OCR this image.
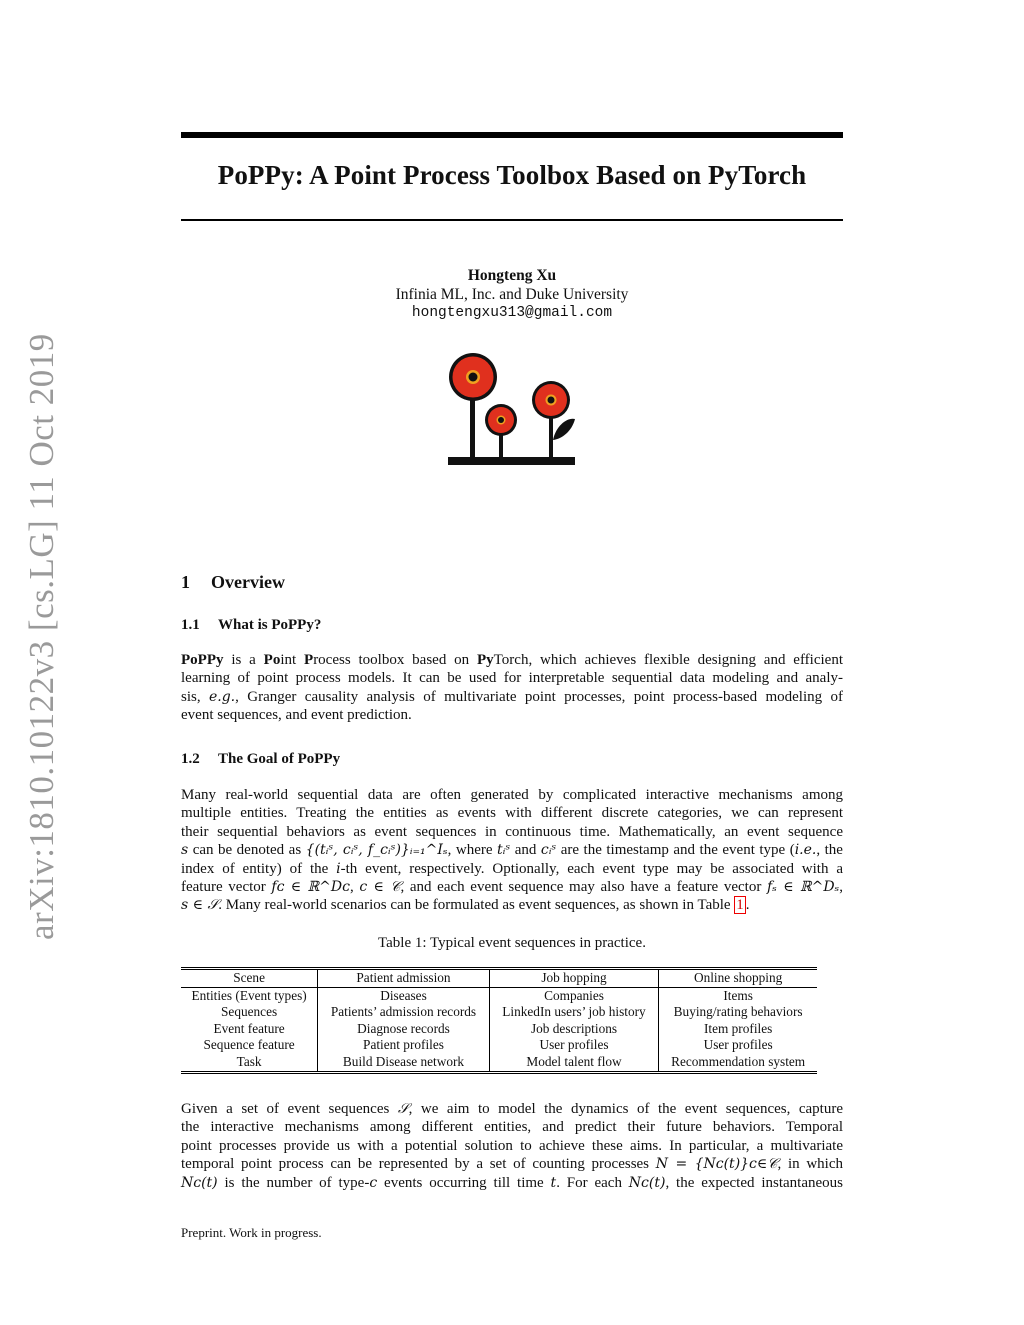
arXiv:1810.10122v3 [cs.LG] 11 Oct 2019
PoPPy: A Point Process Toolbox Based on PyTorch
Hongteng Xu
Infinia ML, Inc. and Duke University
hongtengxu313@gmail.com
1 Overview
1.1 What is PoPPy?
PoPPy is a Point Process toolbox based on PyTorch, which achieves flexible designing and efficient
learning of point process models. It can be used for interpretable sequential data modeling and analy-
sis, e.g., Granger causality analysis of multivariate point processes, point process-based modeling of
event sequences, and event prediction.
1.2 The Goal of PoPPy
Many real-world sequential data are often generated by complicated interactive mechanisms among
multiple entities. Treating the entities as events with different discrete categories, we can represent
their sequential behaviors as event sequences in continuous time. Mathematically, an event sequence
s can be denoted as {(tᵢˢ, cᵢˢ, f_cᵢˢ)}ᵢ₌₁^Iₛ, where tᵢˢ and cᵢˢ are the timestamp and the event type (i.e., the
index of entity) of the i-th event, respectively. Optionally, each event type may be associated with a
feature vector fᴄ ∈ ℝ^Dᴄ, c ∈ 𝒞, and each event sequence may also have a feature vector fₛ ∈ ℝ^Dₛ,
s ∈ 𝒮. Many real-world scenarios can be formulated as event sequences, as shown in Table 1 .
Table 1: Typical event sequences in practice.
Scene	Patient admission	Job hopping	Online shopping
Entities (Event types)	Diseases	Companies	Items
Sequences	Patients’ admission records	LinkedIn users’ job history	Buying/rating behaviors
Event feature	Diagnose records	Job descriptions	Item profiles
Sequence feature	Patient profiles	User profiles	User profiles
Task	Build Disease network	Model talent flow	Recommendation system
Given a set of event sequences 𝒮, we aim to model the dynamics of the event sequences, capture
the interactive mechanisms among different entities, and predict their future behaviors. Temporal
point processes provide us with a potential solution to achieve these aims. In particular, a multivariate
temporal point process can be represented by a set of counting processes N = {Nᴄ(t)}ᴄ∈𝒞, in which
Nᴄ(t) is the number of type-c events occurring till time t. For each Nᴄ(t), the expected instantaneous
Preprint. Work in progress.
